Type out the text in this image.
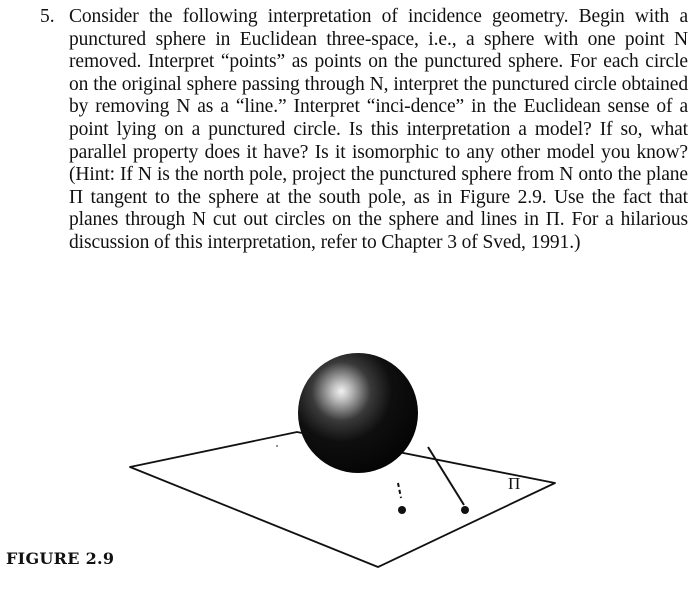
5. Consider the following interpretation of incidence geometry. Begin with a punctured sphere in Euclidean three-space, i.e., a sphere with one point N removed. Interpret “points” as points on the punctured sphere. For each circle on the original sphere passing through N, interpret the punctured circle obtained by removing N as a “line.” Interpret “inci-dence” in the Euclidean sense of a point lying on a punctured circle. Is this interpretation a model? If so, what parallel property does it have? Is it isomorphic to any other model you know? (Hint: If N is the north pole, project the punctured sphere from N onto the plane Π tangent to the sphere at the south pole, as in Figure 2.9. Use the fact that planes through N cut out circles on the sphere and lines in Π. For a hilarious discussion of this interpretation, refer to Chapter 3 of Sved, 1991.)
Π
FIGURE 2.9
